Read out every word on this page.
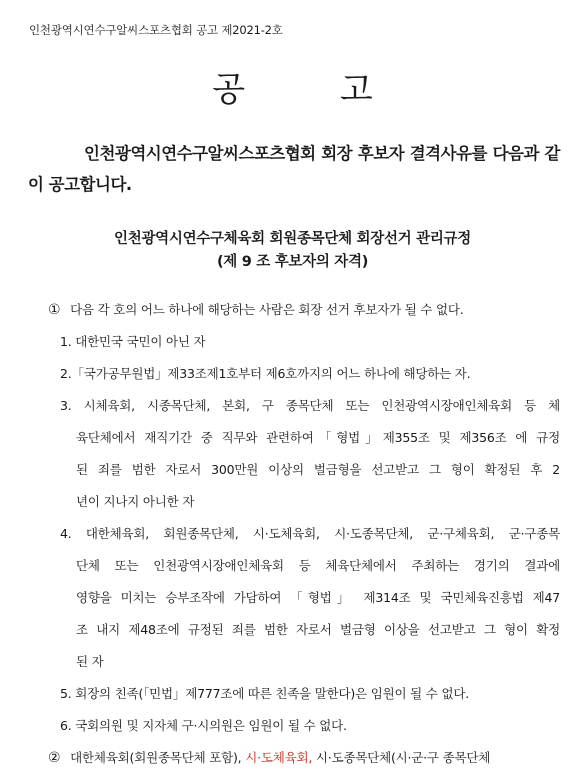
인천광역시연수구알씨스포츠협회 공고 제2021-2호
공	고
인천광역시연수구알씨스포츠협회 회장 후보자 결격사유를 다음과 같이 공고합니다.
인천광역시연수구체육회 회원종목단체 회장선거 관리규정
(제 9 조 후보자의 자격)
① 다음 각 호의 어느 하나에 해당하는 사람은 회장 선거 후보자가 될 수 없다.
1. 대한민국 국민이 아닌 자
2.「국가공무원법」제33조제1호부터 제6호까지의 어느 하나에 해당하는 자.
3. 시체육회, 시종목단체, 본회, 구 종목단체 또는 인천광역시장애인체육회 등 체
육단체에서 재직기간 중 직무와 관련하여「형법」제355조 및 제356조 에 규정
된 죄를 범한 자로서 300만원 이상의 벌금형을 선고받고 그 형이 확정된 후 2
년이 지나지 아니한 자
4. 대한체육회, 회원종목단체, 시·도체육회, 시·도종목단체, 군·구체육회, 군·구종목
단체 또는 인천광역시장애인체육회 등 체육단체에서 주최하는 경기의 결과에
영향을 미치는 승부조작에 가담하여 「형법」 제314조 및 국민체육진흥법 제47
조 내지 제48조에 규정된 죄를 범한 자로서 벌금형 이상을 선고받고 그 형이 확정
된 자
5. 회장의 친족(「민법」제777조에 따른 친족을 말한다)은 임원이 될 수 없다.
6. 국회의원 및 지자체 구·시의원은 임원이 될 수 없다.
② 대한체육회(회원종목단체 포함), 시·도체육회, 시·도종목단체(시·군·구 종목단체
